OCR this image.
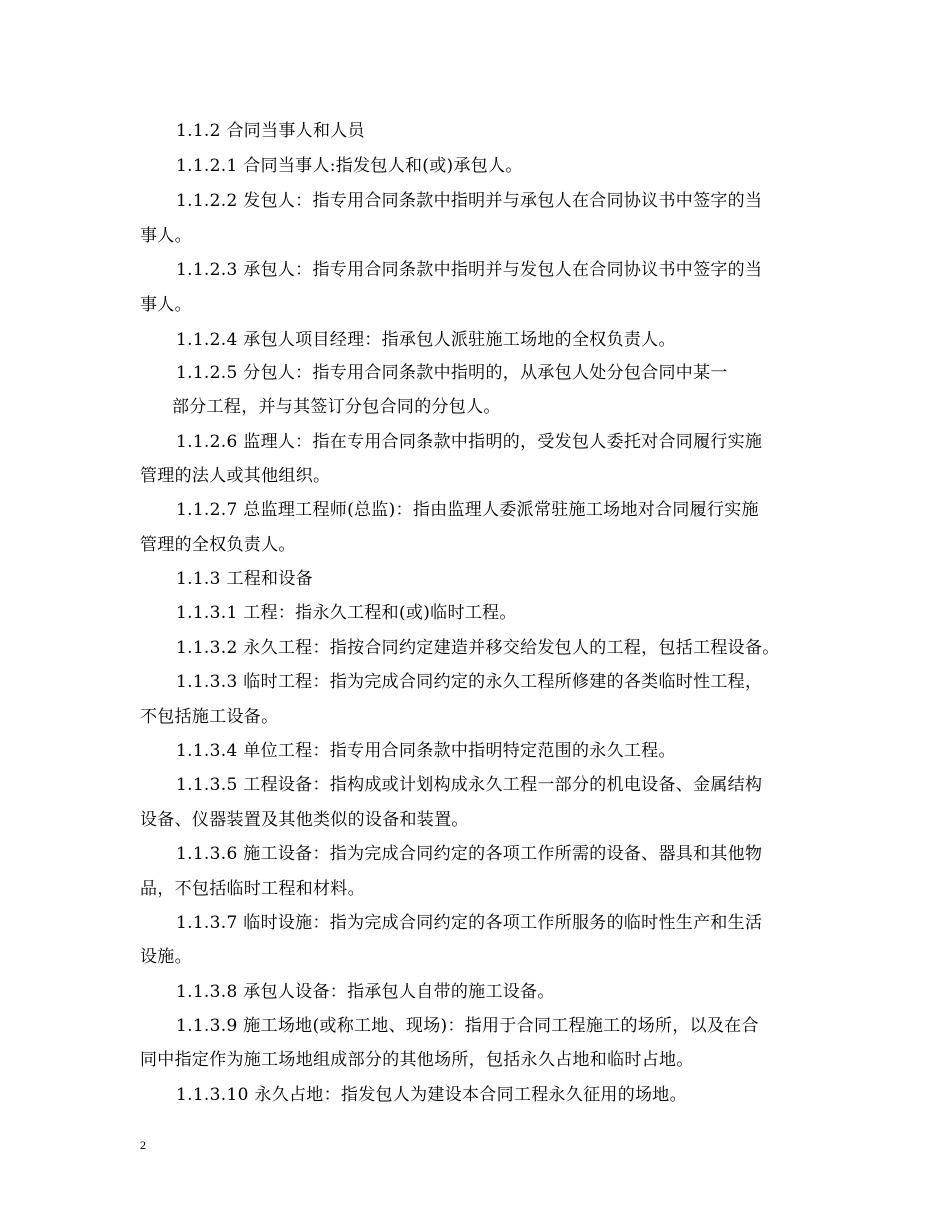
1.1.2 合同当事人和人员
1.1.2.1 合同当事人:指发包人和(或)承包人。
1.1.2.2 发包人：指专用合同条款中指明并与承包人在合同协议书中签字的当
事人。
1.1.2.3 承包人：指专用合同条款中指明并与发包人在合同协议书中签字的当
事人。
1.1.2.4 承包人项目经理：指承包人派驻施工场地的全权负责人。
1.1.2.5 分包人：指专用合同条款中指明的，从承包人处分包合同中某一
部分工程，并与其签订分包合同的分包人。
1.1.2.6 监理人：指在专用合同条款中指明的，受发包人委托对合同履行实施
管理的法人或其他组织。
1.1.2.7 总监理工程师(总监)：指由监理人委派常驻施工场地对合同履行实施
管理的全权负责人。
1.1.3 工程和设备
1.1.3.1 工程：指永久工程和(或)临时工程。
1.1.3.2 永久工程：指按合同约定建造并移交给发包人的工程，包括工程设备。
1.1.3.3 临时工程：指为完成合同约定的永久工程所修建的各类临时性工程，
不包括施工设备。
1.1.3.4 单位工程：指专用合同条款中指明特定范围的永久工程。
1.1.3.5 工程设备：指构成或计划构成永久工程一部分的机电设备、金属结构
设备、仪器装置及其他类似的设备和装置。
1.1.3.6 施工设备：指为完成合同约定的各项工作所需的设备、器具和其他物
品，不包括临时工程和材料。
1.1.3.7 临时设施：指为完成合同约定的各项工作所服务的临时性生产和生活
设施。
1.1.3.8 承包人设备：指承包人自带的施工设备。
1.1.3.9 施工场地(或称工地、现场)：指用于合同工程施工的场所，以及在合
同中指定作为施工场地组成部分的其他场所，包括永久占地和临时占地。
1.1.3.10 永久占地：指发包人为建设本合同工程永久征用的场地。
2
